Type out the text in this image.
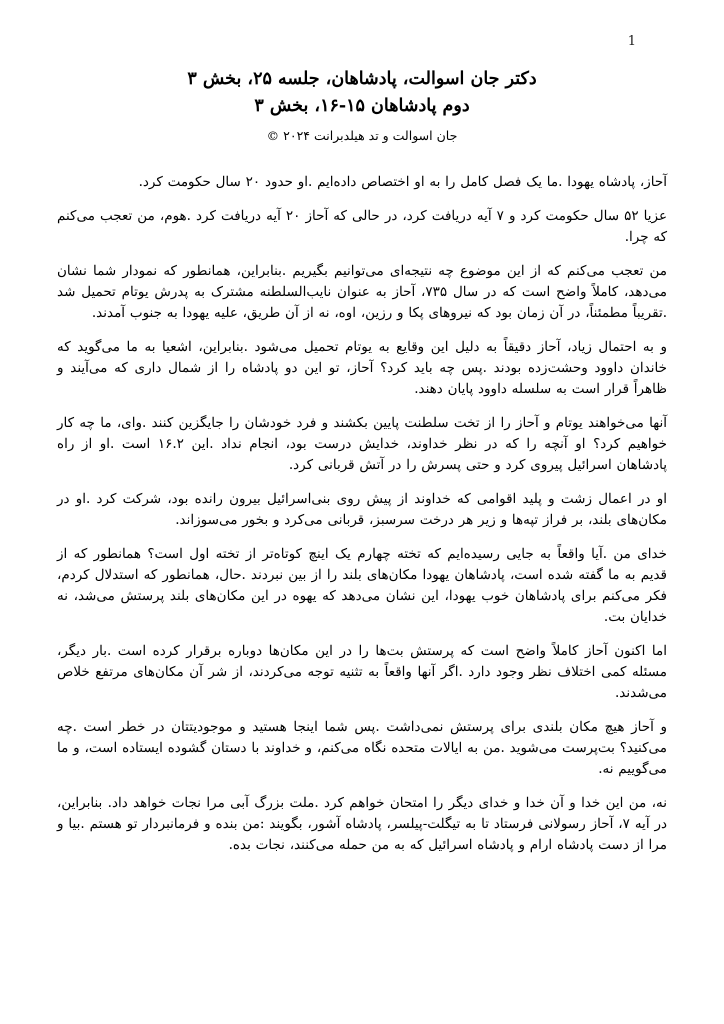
1
دکتر جان اسوالت، پادشاهان، جلسه ۲۵، بخش ۳
دوم پادشاهان ۱۵-۱۶، بخش ۳
جان اسوالت و تد هیلدبرانت ۲۰۲۴ ©

آحاز، پادشاه یهودا .ما یک فصل کامل را به او اختصاص داده‌ایم .او حدود ۲۰ سال حکومت کرد.

عزیا ۵۲ سال حکومت کرد و ۷ آیه دریافت کرد، در حالی که آحاز ۲۰ آیه دریافت کرد .هوم، من تعجب می‌کنم که چرا.

من تعجب می‌کنم که از این موضوع چه نتیجه‌ای می‌توانیم بگیریم .بنابراین، همانطور که نمودار شما نشان می‌دهد، کاملاً واضح است که در سال ۷۳۵، آحاز به عنوان نایب‌السلطنه مشترک به پدرش یوتام تحمیل شد .تقریباً مطمئناً، در آن زمان بود که نیروهای پکا و رزین، اوه، نه از آن طریق، علیه یهودا به جنوب آمدند.

و به احتمال زیاد، آحاز دقیقاً به دلیل این وقایع به یوتام تحمیل می‌شود .بنابراین، اشعیا به ما می‌گوید که خاندان داوود وحشت‌زده بودند .پس چه باید کرد؟ آحاز، تو این دو پادشاه را از شمال داری که می‌آیند و ظاهراً قرار است به سلسله داوود پایان دهند.

آنها می‌خواهند یوتام و آحاز را از تخت سلطنت پایین بکشند و فرد خودشان را جایگزین کنند .وای، ما چه کار خواهیم کرد؟ او آنچه را که در نظر خداوند، خدایش درست بود، انجام نداد .این ۱۶.۲ است .او از راه پادشاهان اسرائیل پیروی کرد و حتی پسرش را در آتش قربانی کرد.

او در اعمال زشت و پلید اقوامی که خداوند از پیش روی بنی‌اسرائیل بیرون رانده بود، شرکت کرد .او در مکان‌های بلند، بر فراز تپه‌ها و زیر هر درخت سرسبز، قربانی می‌کرد و بخور می‌سوزاند.

خدای من .آیا واقعاً به جایی رسیده‌ایم که تخته چهارم یک اینچ کوتاه‌تر از تخته اول است؟ همانطور که از قدیم به ما گفته شده است، پادشاهان یهودا مکان‌های بلند را از بین نبردند .حال، همانطور که استدلال کردم، فکر می‌کنم برای پادشاهان خوب یهودا، این نشان می‌دهد که یهوه در این مکان‌های بلند پرستش می‌شد، نه خدایان بت.

اما اکنون آحاز کاملاً واضح است که پرستش بت‌ها را در این مکان‌ها دوباره برقرار کرده است .بار دیگر، مسئله کمی اختلاف نظر وجود دارد .اگر آنها واقعاً به تثنیه توجه می‌کردند، از شر آن مکان‌های مرتفع خلاص می‌شدند.

و آحاز هیچ مکان بلندی برای پرستش نمی‌داشت .پس شما اینجا هستید و موجودیتتان در خطر است .چه می‌کنید؟ بت‌پرست می‌شوید .من به ایالات متحده نگاه می‌کنم، و خداوند با دستان گشوده ایستاده است، و ما می‌گوییم نه.

نه، من این خدا و آن خدا و خدای دیگر را امتحان خواهم کرد .ملت بزرگ آبی مرا نجات خواهد داد. بنابراین، در آیه ۷، آحاز رسولانی فرستاد تا به تیگلت-پیلسر، پادشاه آشور، بگویند :من بنده و فرمانبردار تو هستم .بیا و مرا از دست پادشاه ارام و پادشاه اسرائیل که به من حمله می‌کنند، نجات بده.
